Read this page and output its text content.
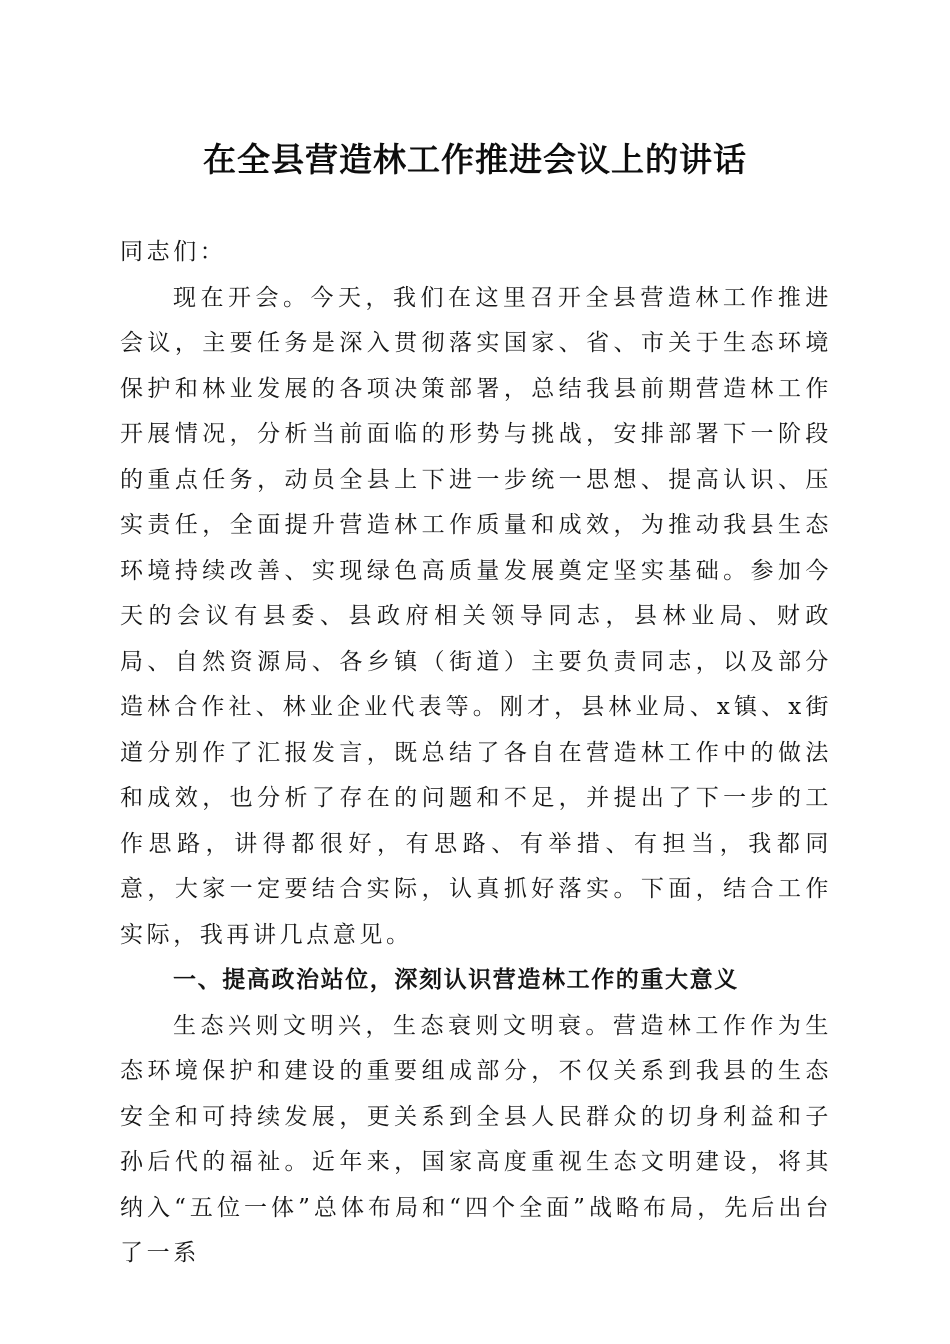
在全县营造林工作推进会议上的讲话

同志们：

现在开会。今天，我们在这里召开全县营造林工作推进会议，主要任务是深入贯彻落实国家、省、市关于生态环境保护和林业发展的各项决策部署，总结我县前期营造林工作开展情况，分析当前面临的形势与挑战，安排部署下一阶段的重点任务，动员全县上下进一步统一思想、提高认识、压实责任，全面提升营造林工作质量和成效，为推动我县生态环境持续改善、实现绿色高质量发展奠定坚实基础。参加今天的会议有县委、县政府相关领导同志，县林业局、财政局、自然资源局、各乡镇（街道）主要负责同志，以及部分造林合作社、林业企业代表等。刚才，县林业局、x镇、x街道分别作了汇报发言，既总结了各自在营造林工作中的做法和成效，也分析了存在的问题和不足，并提出了下一步的工作思路，讲得都很好，有思路、有举措、有担当，我都同意，大家一定要结合实际，认真抓好落实。下面，结合工作实际，我再讲几点意见。

一、提高政治站位，深刻认识营造林工作的重大意义

生态兴则文明兴，生态衰则文明衰。营造林工作作为生态环境保护和建设的重要组成部分，不仅关系到我县的生态安全和可持续发展，更关系到全县人民群众的切身利益和子孙后代的福祉。近年来，国家高度重视生态文明建设，将其纳入“五位一体”总体布局和“四个全面”战略布局，先后出台了一系
